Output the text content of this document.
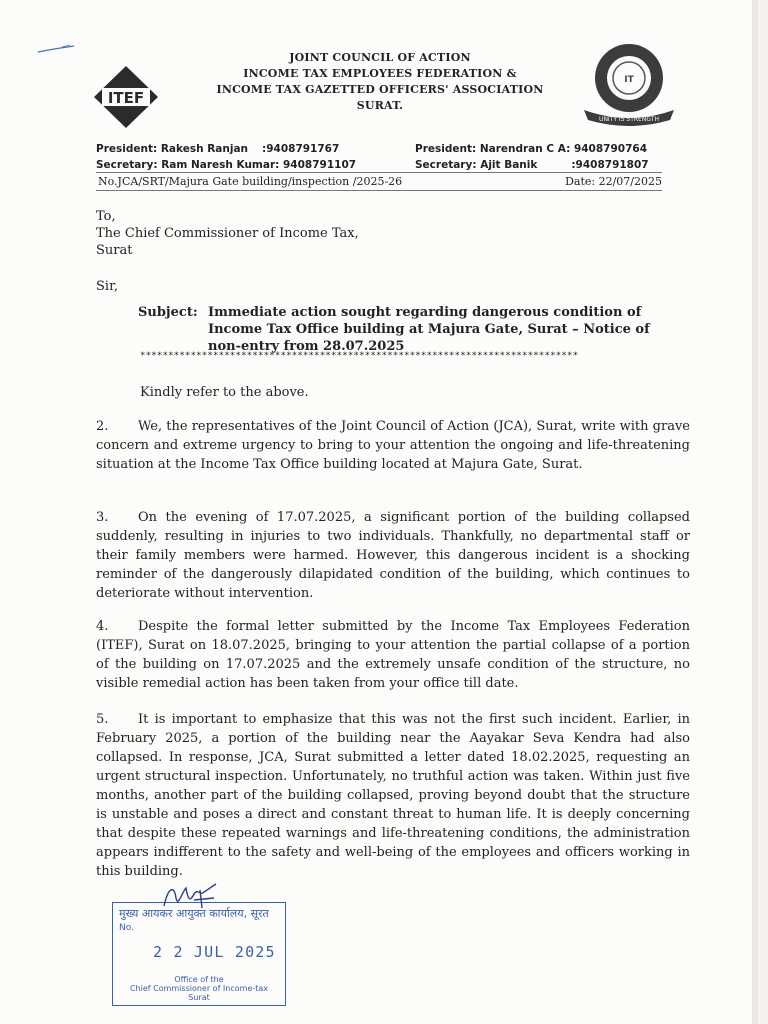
ITEF
IT
UNITY IS STRENGTH
JOINT COUNCIL OF ACTION
INCOME TAX EMPLOYEES FEDERATION &
INCOME TAX GAZETTED OFFICERS' ASSOCIATION
SURAT.
President: Rakesh Ranjan :9408791767
Secretary: Ram Naresh Kumar: 9408791107
President: Narendran C A: 9408790764
Secretary: Ajit Banik	:9408791807
No.JCA/SRT/Majura Gate building/inspection /2025-26	Date: 22/07/2025
To,
The Chief Commissioner of Income Tax,
Surat
Sir,
Subject: Immediate action sought regarding dangerous condition of
Income Tax Office building at Majura Gate, Surat – Notice of
non-entry from 28.07.2025
******************************************************************************
Kindly refer to the above.
2. We, the representatives of the Joint Council of Action (JCA), Surat, write with grave concern and extreme urgency to bring to your attention the ongoing and life-threatening situation at the Income Tax Office building located at Majura Gate, Surat.
3. On the evening of 17.07.2025, a significant portion of the building collapsed suddenly, resulting in injuries to two individuals. Thankfully, no departmental staff or their family members were harmed. However, this dangerous incident is a shocking reminder of the dangerously dilapidated condition of the building, which continues to deteriorate without intervention.
4. Despite the formal letter submitted by the Income Tax Employees Federation (ITEF), Surat on 18.07.2025, bringing to your attention the partial collapse of a portion of the building on 17.07.2025 and the extremely unsafe condition of the structure, no visible remedial action has been taken from your office till date.
5. It is important to emphasize that this was not the first such incident. Earlier, in February 2025, a portion of the building near the Aayakar Seva Kendra had also collapsed. In response, JCA, Surat submitted a letter dated 18.02.2025, requesting an urgent structural inspection. Unfortunately, no truthful action was taken. Within just five months, another part of the building collapsed, proving beyond doubt that the structure is unstable and poses a direct and constant threat to human life. It is deeply concerning that despite these repeated warnings and life-threatening conditions, the administration appears indifferent to the safety and well-being of the employees and officers working in this building.
मुख्य आयकर आयुक्त कार्यालय, सूरत
No.
2 2 JUL 2025
Office of the
Chief Commissioner of Income-tax
Surat
